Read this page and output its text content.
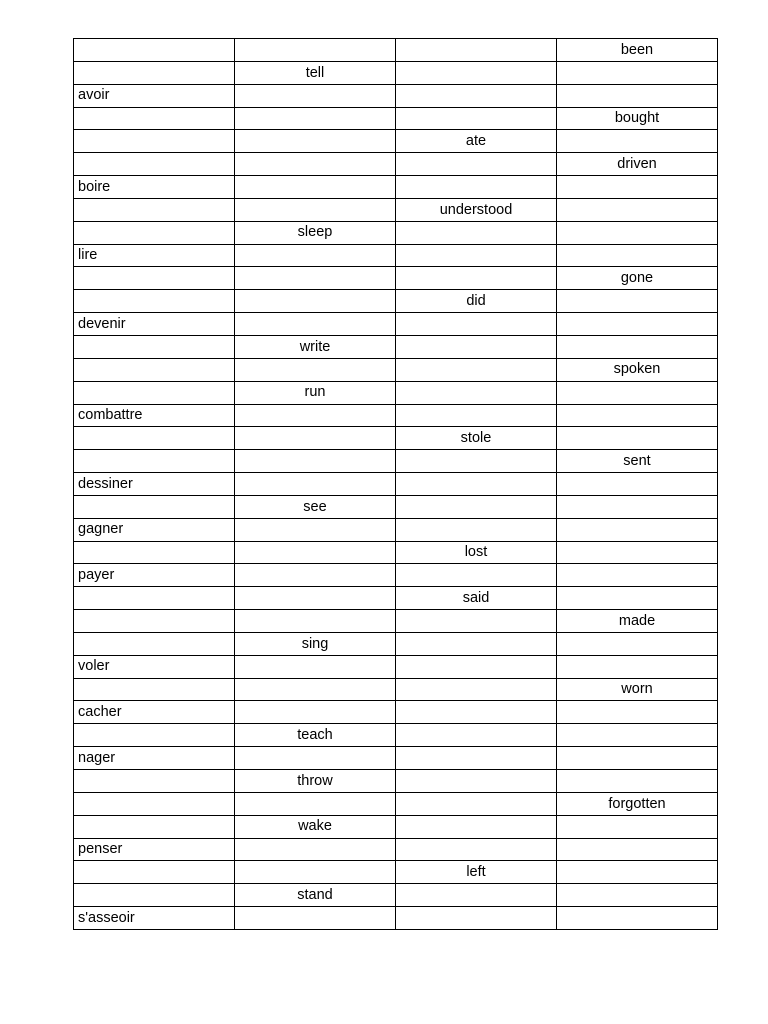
			been
	tell		
avoir			
			bought
		ate	
			driven
boire			
		understood	
	sleep		
lire			
			gone
		did	
devenir			
	write		
			spoken
	run		
combattre			
		stole	
			sent
dessiner			
	see		
gagner			
		lost	
payer			
		said	
			made
	sing		
voler			
			worn
cacher			
	teach		
nager			
	throw		
			forgotten
	wake		
penser			
		left	
	stand		
s'asseoir			
